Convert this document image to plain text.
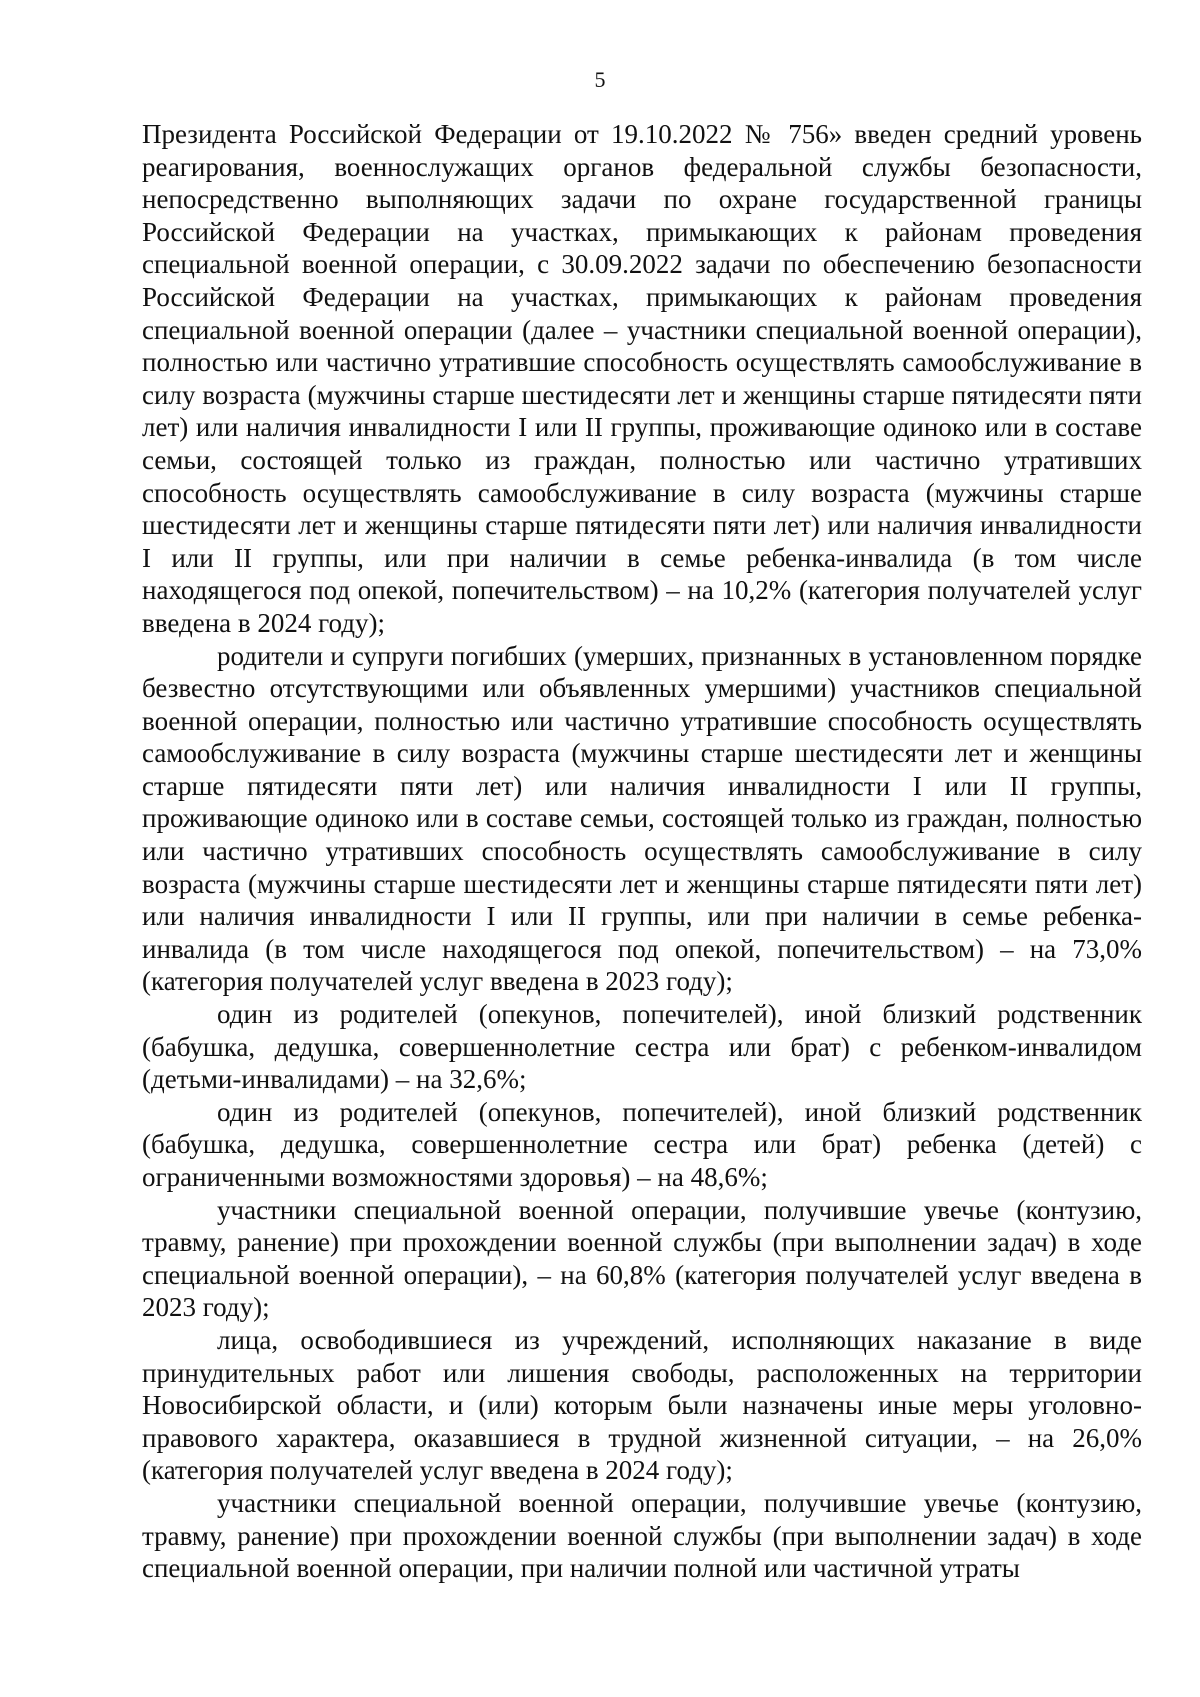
5

Президента Российской Федерации от 19.10.2022 № 756» введен средний уровень реагирования, военнослужащих органов федеральной службы безопасности, непосредственно выполняющих задачи по охране государственной границы Российской Федерации на участках, примыкающих к районам проведения специальной военной операции, с 30.09.2022 задачи по обеспечению безопасности Российской Федерации на участках, примыкающих к районам проведения специальной военной операции (далее – участники специальной военной операции), полностью или частично утратившие способность осуществлять самообслуживание в силу возраста (мужчины старше шестидесяти лет и женщины старше пятидесяти пяти лет) или наличия инвалидности I или II группы, проживающие одиноко или в составе семьи, состоящей только из граждан, полностью или частично утративших способность осуществлять самообслуживание в силу возраста (мужчины старше шестидесяти лет и женщины старше пятидесяти пяти лет) или наличия инвалидности I или II группы, или при наличии в семье ребенка-инвалида (в том числе находящегося под опекой, попечительством) – на 10,2% (категория получателей услуг введена в 2024 году);

родители и супруги погибших (умерших, признанных в установленном порядке безвестно отсутствующими или объявленных умершими) участников специальной военной операции, полностью или частично утратившие способность осуществлять самообслуживание в силу возраста (мужчины старше шестидесяти лет и женщины старше пятидесяти пяти лет) или наличия инвалидности I или II группы, проживающие одиноко или в составе семьи, состоящей только из граждан, полностью или частично утративших способность осуществлять самообслуживание в силу возраста (мужчины старше шестидесяти лет и женщины старше пятидесяти пяти лет) или наличия инвалидности I или II группы, или при наличии в семье ребенка-инвалида (в том числе находящегося под опекой, попечительством) – на 73,0% (категория получателей услуг введена в 2023 году);

один из родителей (опекунов, попечителей), иной близкий родственник (бабушка, дедушка, совершеннолетние сестра или брат) с ребенком-инвалидом (детьми-инвалидами) – на 32,6%;

один из родителей (опекунов, попечителей), иной близкий родственник (бабушка, дедушка, совершеннолетние сестра или брат) ребенка (детей) с ограниченными возможностями здоровья) – на 48,6%;

участники специальной военной операции, получившие увечье (контузию, травму, ранение) при прохождении военной службы (при выполнении задач) в ходе специальной военной операции), – на 60,8% (категория получателей услуг введена в 2023 году);

лица, освободившиеся из учреждений, исполняющих наказание в виде принудительных работ или лишения свободы, расположенных на территории Новосибирской области, и (или) которым были назначены иные меры уголовно-правового характера, оказавшиеся в трудной жизненной ситуации, – на 26,0% (категория получателей услуг введена в 2024 году);

участники специальной военной операции, получившие увечье (контузию, травму, ранение) при прохождении военной службы (при выполнении задач) в ходе специальной военной операции, при наличии полной или частичной утраты
